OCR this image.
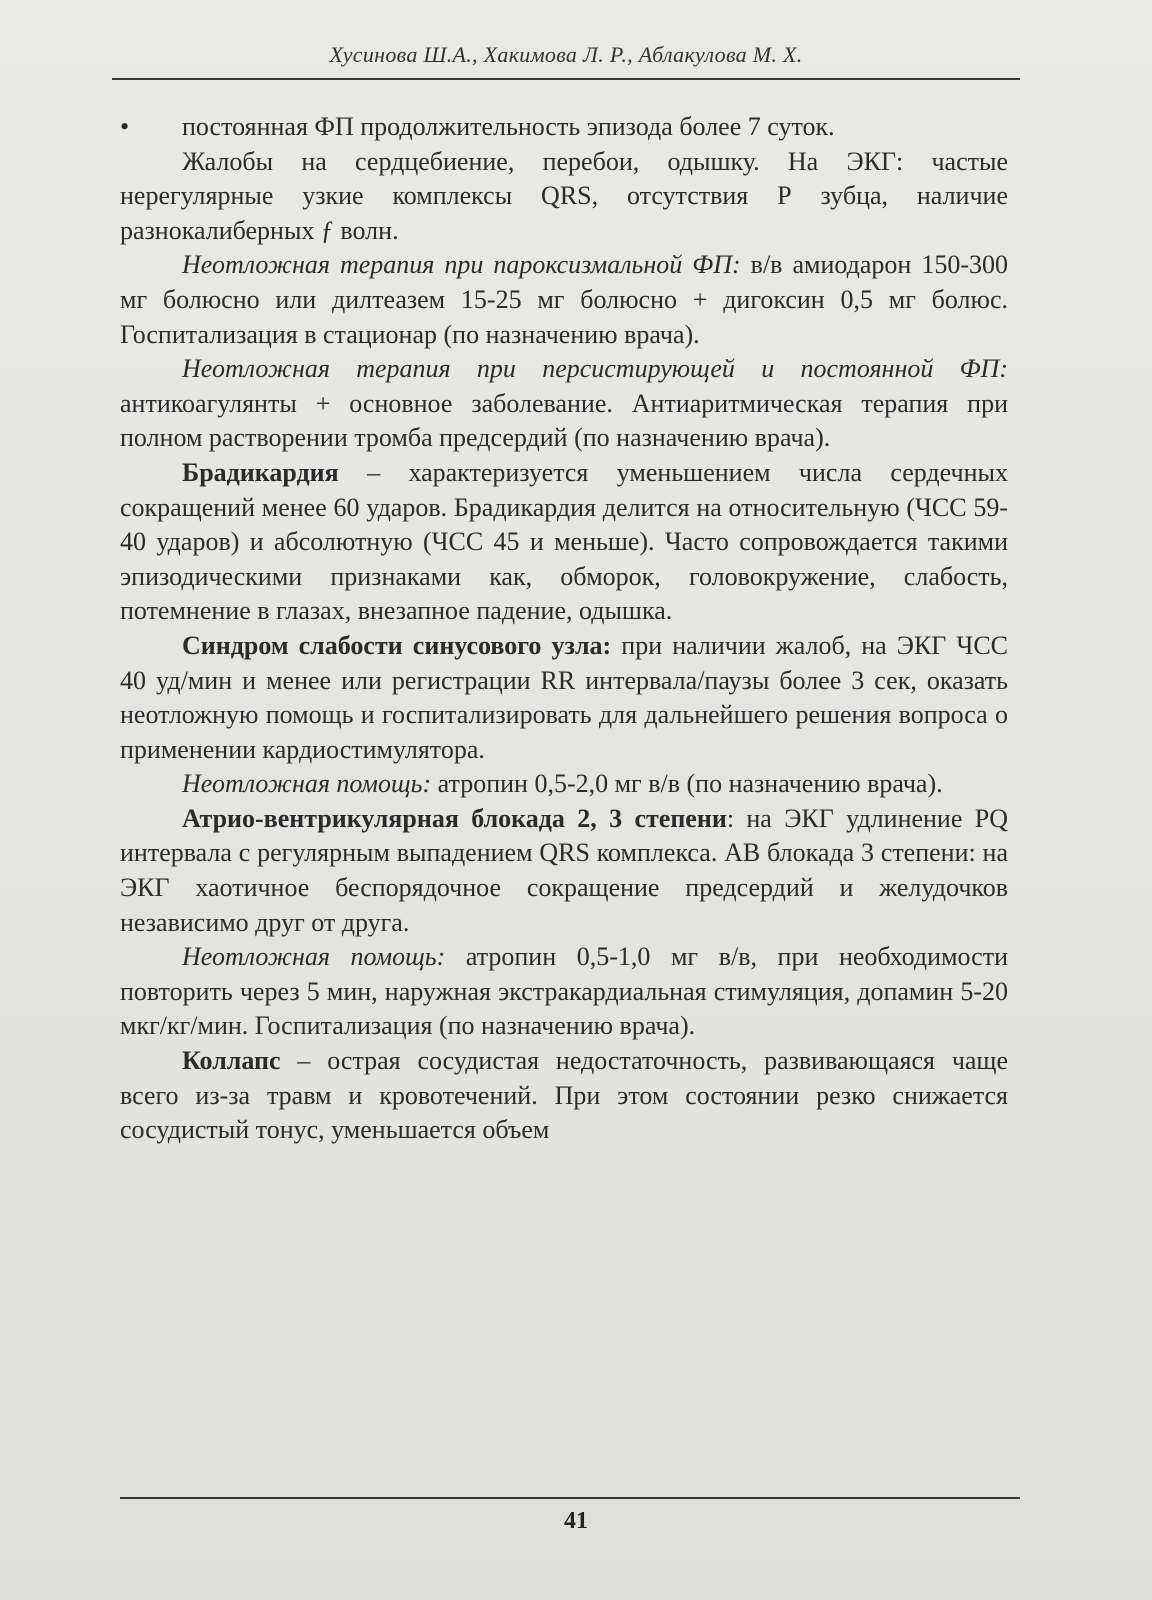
Хусинова Ш.А., Хакимова Л. Р., Аблакулова М. Х.

• постоянная ФП продолжительность эпизода более 7 суток.

Жалобы на сердцебиение, перебои, одышку. На ЭКГ: частые нерегулярные узкие комплексы QRS, отсутствия Р зубца, наличие разнокалиберных ƒ волн.

Неотложная терапия при пароксизмальной ФП: в/в амиодарон 150-300 мг болюсно или дилтеазем 15-25 мг болюсно + дигоксин 0,5 мг болюс. Госпитализация в стационар (по назначению врача).

Неотложная терапия при персистирующей и постоянной ФП: антикоагулянты + основное заболевание. Антиаритмическая терапия при полном растворении тромба предсердий (по назначению врача).

Брадикардия – характеризуется уменьшением числа сердечных сокращений менее 60 ударов. Брадикардия делится на относительную (ЧСС 59-40 ударов) и абсолютную (ЧСС 45 и меньше). Часто сопровождается такими эпизодическими признаками как, обморок, головокружение, слабость, потемнение в глазах, внезапное падение, одышка.

Синдром слабости синусового узла: при наличии жалоб, на ЭКГ ЧСС 40 уд/мин и менее или регистрации RR интервала/паузы более 3 сек, оказать неотложную помощь и госпитализировать для дальнейшего решения вопроса о применении кардиостимулятора.

Неотложная помощь: атропин 0,5-2,0 мг в/в (по назначению врача).

Атрио-вентрикулярная блокада 2, 3 степени: на ЭКГ удлинение PQ интервала с регулярным выпадением QRS комплекса. АВ блокада 3 степени: на ЭКГ хаотичное беспорядочное сокращение предсердий и желудочков независимо друг от друга.

Неотложная помощь: атропин 0,5-1,0 мг в/в, при необходимости повторить через 5 мин, наружная экстракардиальная стимуляция, допамин 5-20 мкг/кг/мин. Госпитализация (по назначению врача).

Коллапс – острая сосудистая недостаточность, развивающаяся чаще всего из-за травм и кровотечений. При этом состоянии резко снижается сосудистый тонус, уменьшается объем

41
